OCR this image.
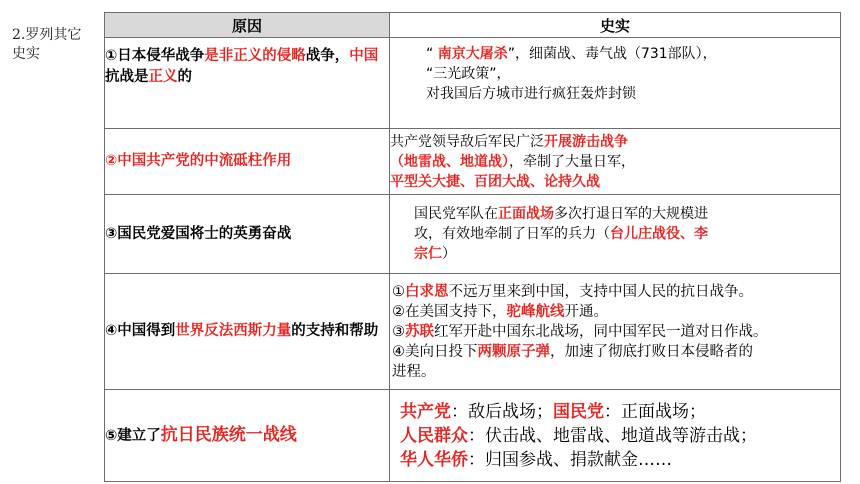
2.罗列其它史实
原因	史实
①日本侵华战争是非正义的侵略战争，中国抗战是正义的	“ 南京大屠杀”，细菌战、毒气战（731部队），
“三光政策”，
对我国后方城市进行疯狂轰炸封锁

②中国共产党的中流砥柱作用	共产党领导敌后军民广泛开展游击战争
（地雷战、地道战），牵制了大量日军，
平型关大捷、百团大战、论持久战

③国民党爱国将士的英勇奋战	国民党军队在正面战场多次打退日军的大规模进
攻，有效地牵制了日军的兵力（台儿庄战役、李
宗仁）

④中国得到世界反法西斯力量的支持和帮助	①白求恩不远万里来到中国，支持中国人民的抗日战争。
②在美国支持下，驼峰航线开通。
③苏联红军开赴中国东北战场，同中国军民一道对日作战。
④美向日投下两颗原子弹，加速了彻底打败日本侵略者的
进程。

⑤建立了抗日民族统一战线	共产党：敌后战场；国民党：正面战场；
人民群众：伏击战、地雷战、地道战等游击战；
华人华侨：归国参战、捐款献金……
